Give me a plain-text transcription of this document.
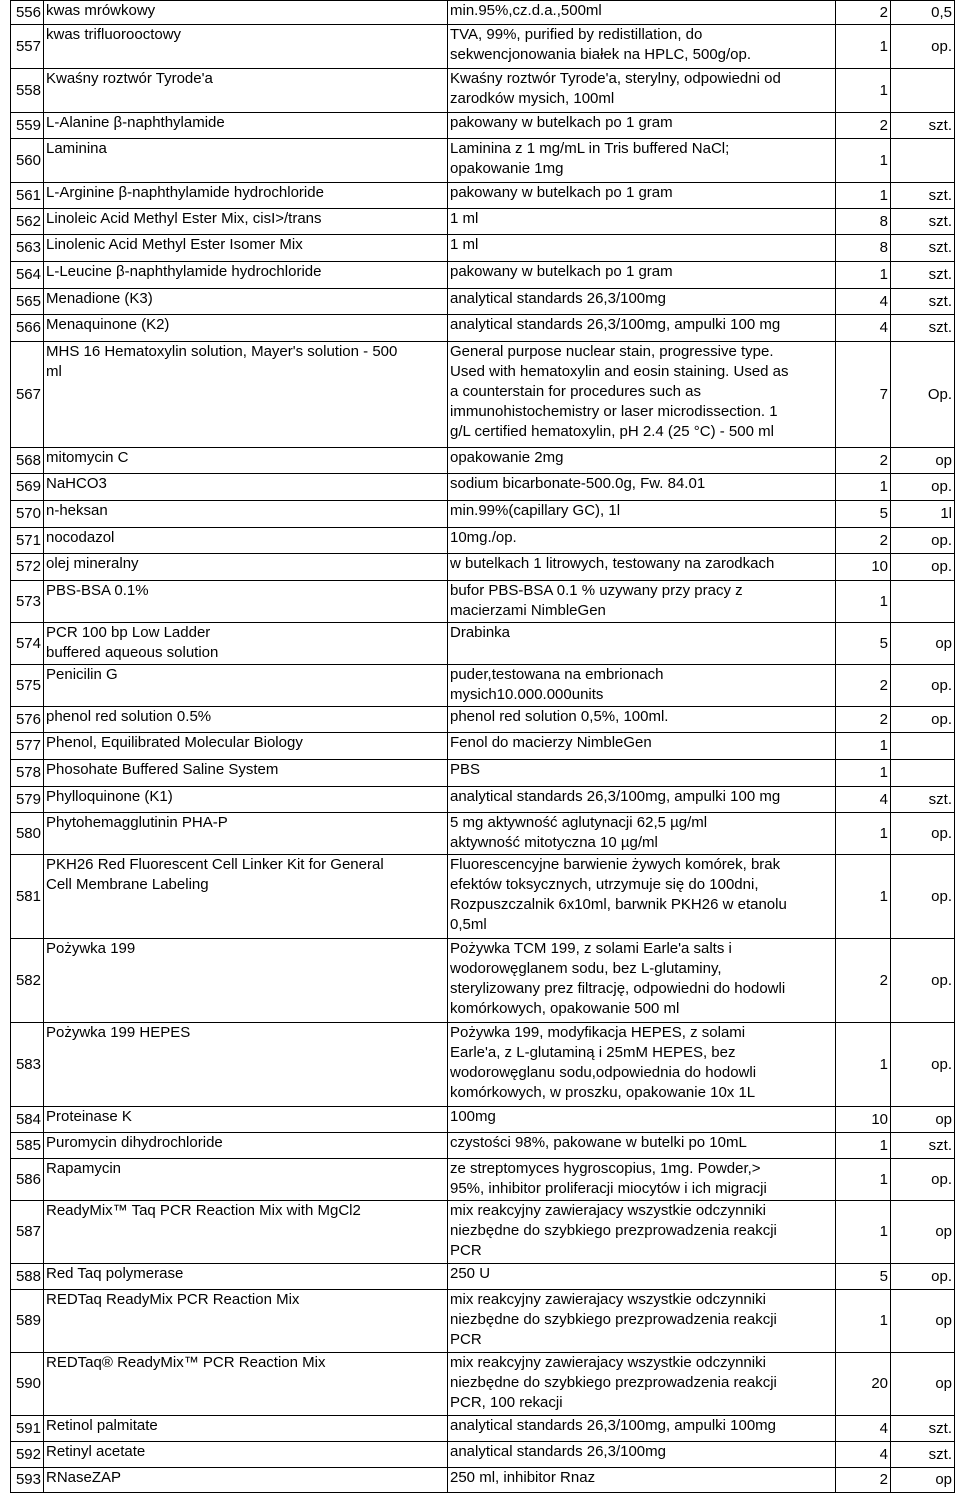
556	kwas mrówkowy	min.95%,cz.d.a.,500ml	2	0,5

557	kwas trifluorooctowy	TVA, 99%, purified by redistillation, do
sekwencjonowania białek na HPLC, 500g/op.	1	op.

558	Kwaśny roztwór Tyrode'a	Kwaśny roztwór Tyrode'a, sterylny, odpowiedni od
zarodków mysich, 100ml	1	

559	L-Alanine β-naphthylamide	pakowany w butelkach po 1 gram	2	szt.

560	Laminina	Laminina z 1 mg/mL in Tris buffered NaCl;
opakowanie 1mg	1	

561	L-Arginine β-naphthylamide hydrochloride	pakowany w butelkach po 1 gram	1	szt.

562	Linoleic Acid Methyl Ester Mix, cisI>/trans	1 ml	8	szt.

563	Linolenic Acid Methyl Ester Isomer Mix	1 ml	8	szt.

564	L-Leucine β-naphthylamide hydrochloride	pakowany w butelkach po 1 gram	1	szt.

565	Menadione (K3)	analytical standards 26,3/100mg	4	szt.

566	Menaquinone (K2)	analytical standards 26,3/100mg, ampulki 100 mg	4	szt.

567	MHS 16 Hematoxylin solution, Mayer's solution - 500
ml	General purpose nuclear stain, progressive type.
Used with hematoxylin and eosin staining. Used as
a counterstain for procedures such as
immunohistochemistry or laser microdissection. 1
g/L certified hematoxylin, pH 2.4 (25 °C) - 500 ml	7	Op.

568	mitomycin C	opakowanie 2mg	2	op

569	NaHCO3	sodium bicarbonate-500.0g, Fw. 84.01	1	op.

570	n-heksan	min.99%(capillary GC), 1l	5	1l

571	nocodazol	10mg./op.	2	op.

572	olej mineralny	w butelkach 1 litrowych, testowany na zarodkach	10	op.

573	PBS-BSA 0.1%	bufor PBS-BSA 0.1 % uzywany przy pracy z
macierzami NimbleGen	1	

574	PCR 100 bp Low Ladder
buffered aqueous solution	Drabinka	5	op

575	Penicilin G	puder,testowana na embrionach
mysich10.000.000units	2	op.

576	phenol red solution 0.5%	phenol red solution 0,5%, 100ml.	2	op.

577	Phenol, Equilibrated Molecular Biology	Fenol do macierzy NimbleGen	1	

578	Phosohate Buffered Saline System	PBS	1	

579	Phylloquinone (K1)	analytical standards 26,3/100mg, ampulki 100 mg	4	szt.

580	Phytohemagglutinin PHA-P	5 mg aktywność aglutynacji 62,5 µg/ml
aktywność mitotyczna 10 µg/ml	1	op.

581	PKH26 Red Fluorescent Cell Linker Kit for General
Cell Membrane Labeling	Fluorescencyjne barwienie żywych komórek, brak
efektów toksycznych, utrzymuje się do 100dni,
Rozpuszczalnik 6x10ml, barwnik PKH26 w etanolu
0,5ml	1	op.

582	Pożywka 199	Pożywka TCM 199, z solami Earle'a salts i
wodorowęglanem sodu, bez L-glutaminy,
sterylizowany prez filtrację, odpowiedni do hodowli
komórkowych, opakowanie 500 ml	2	op.

583	Pożywka 199 HEPES	Pożywka 199, modyfikacja HEPES, z solami
Earle'a, z L-glutaminą i 25mM HEPES, bez
wodorowęglanu sodu,odpowiednia do hodowli
komórkowych, w proszku, opakowanie 10x 1L	1	op.

584	Proteinase K	100mg	10	op

585	Puromycin dihydrochloride	czystości 98%, pakowane w butelki po 10mL	1	szt.

586	Rapamycin	ze streptomyces hygroscopius, 1mg. Powder,>
95%, inhibitor proliferacji miocytów i ich migracji	1	op.

587	ReadyMix™ Taq PCR Reaction Mix with MgCl2	mix reakcyjny zawierajacy wszystkie odczynniki
niezbędne do szybkiego prezprowadzenia reakcji
PCR	1	op

588	Red Taq polymerase	250 U	5	op.

589	REDTaq ReadyMix PCR Reaction Mix	mix reakcyjny zawierajacy wszystkie odczynniki
niezbędne do szybkiego prezprowadzenia reakcji
PCR	1	op

590	REDTaq® ReadyMix™ PCR Reaction Mix	mix reakcyjny zawierajacy wszystkie odczynniki
niezbędne do szybkiego prezprowadzenia reakcji
PCR, 100 rekacji	20	op

591	Retinol palmitate	analytical standards 26,3/100mg, ampulki 100mg	4	szt.

592	Retinyl acetate	analytical standards 26,3/100mg	4	szt.

593	RNaseZAP	250 ml, inhibitor Rnaz	2	op
